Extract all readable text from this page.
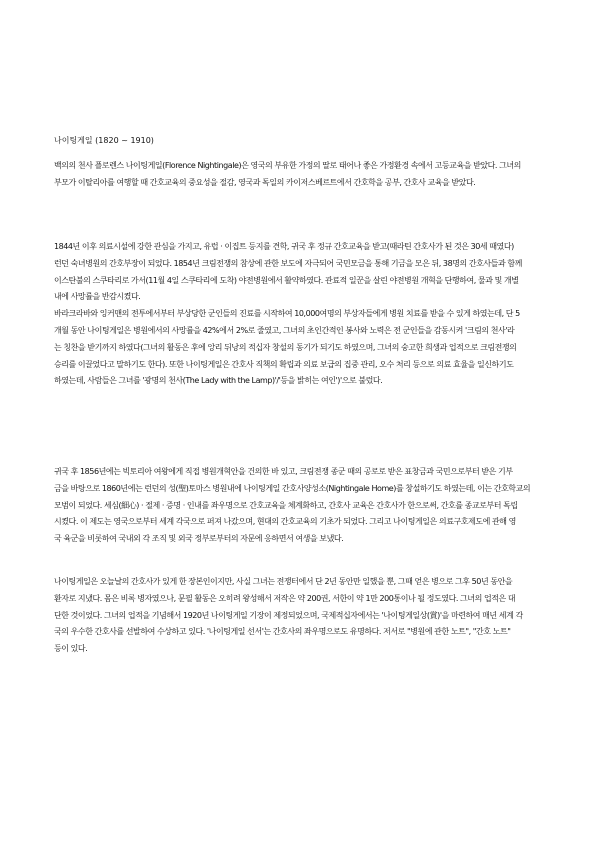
나이팅게일 (1820 ~ 1910)

백의의 천사 플로렌스 나이팅게일(Florence Nightingale)은 영국의 부유한 가정의 딸로 태어나 좋은 가정환경 속에서 고등교육을 받았다. 그녀의
부모가 이탈리아를 여행할 때 간호교육의 중요성을 절감, 영국과 독일의 카이저스베르트에서 간호학을 공부, 간호사 교육을 받았다.

1844년 이후 의료시설에 강한 관심을 가지고, 유럽 · 이집트 등지를 견학, 귀국 후 정규 간호교육을 받고(때라틴 간호사가 된 것은 30세 때였다)
런던 숙녀병원의 간호부장이 되었다. 1854년 크림전쟁의 참상에 관한 보도에 자극되어 국민모금을 통해 기금을 모은 뒤, 38명의 간호사들과 함께
이스탄불의 스쿠타리로 가서(11월 4일 스쿠타리에 도착) 야전병원에서 활약하였다. 관료적 일꾼을 살린 야전병원 개혁을 단행하여, 물과 및 개별
내에 사망률을 반감시켰다.
바라크라바와 잉커맨의 전투에서부터 부상당한 군인들의 진료를 시작하여 10,000여명의 부상자들에게 병원 치료를 받을 수 있게 하였는데, 단 5
개월 동안 나이팅게일은 병원에서의 사망률을 42%에서 2%로 줄였고, 그녀의 초인간적인 봉사와 노력은 전 군인들을 감동시켜 '크림의 천사'라
는 칭찬을 받기까지 하였다(그녀의 활동은 후에 앙리 뒤낭의 적십자 창설의 동기가 되기도 하였으며, 그녀의 숭고한 희생과 업적으로 크림전쟁의
승리를 이끌었다고 말하기도 한다). 또한 나이팅게일은 간호사 직책의 확립과 의료 보급의 집중 관리, 오수 처리 등으로 의료 효율을 일신하기도
하였는데, 사람들은 그녀를 '광명의 천사(The Lady with the Lamp)'/'등을 밝히는 여인')'으로 불렀다.

귀국 후 1856년에는 빅토리아 여왕에게 직접 병원개혁안을 건의한 바 있고, 크림전쟁 종군 때의 공로로 받은 표창금과 국민으로부터 받은 기부
금을 바탕으로 1860년에는 런던의 성(聖)토마스 병원내에 나이팅게일 간호사양성소(Nightingale Home)를 창설하기도 하였는데, 이는 간호학교의
모범이 되었다. 세심(細心) · 절제 · 증명 · 인내를 좌우명으로 간호교육을 체계화하고, 간호사 교육은 간호사가 한으로써, 간호를 종교로부터 독립
시켰다. 이 제도는 영국으로부터 세계 각국으로 퍼져 나갔으며, 현대의 간호교육의 기초가 되었다. 그리고 나이팅게일은 의료구호제도에 관해 영
국 육군을 비롯하여 국내외 각 조직 및 외국 정부로부터의 자문에 응하면서 여생을 보냈다.

나이팅게일은 오늘날의 간호사가 있게 한 장본인이지만, 사실 그녀는 전쟁터에서 단 2년 동안만 일했을 뿐, 그때 얻은 병으로 그후 50년 동안을
환자로 지냈다. 몸은 비록 병자였으나, 문필 활동은 오히려 왕성해서 저작은 약 200권, 서한이 약 1만 200통이나 될 정도였다. 그녀의 업적은 대
단한 것이었다. 그녀의 업적을 기념해서 1920년 나이팅게일 기장이 제정되었으며, 국제적십자에서는 '나이팅게일상(賞)'을 마련하여 매년 세계 각
국의 우수한 간호사를 선발하여 수상하고 있다. '나이팅게일 선서'는 간호사의 좌우명으로도 유명하다. 저서로 "병원에 관한 노트", "간호 노트"
등이 있다.
